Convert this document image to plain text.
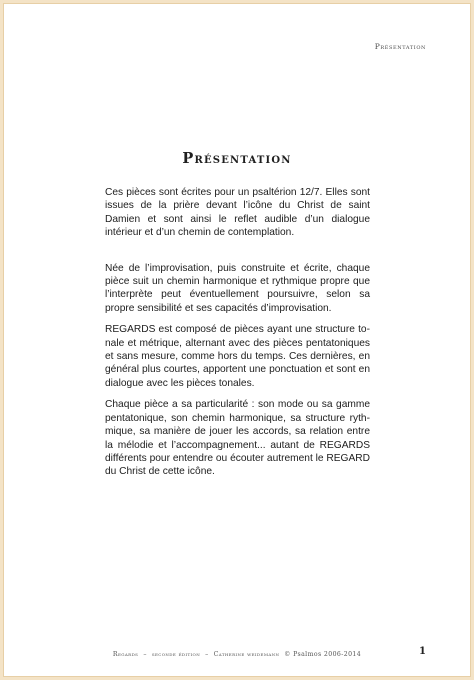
Présentation
Présentation

Ces pièces sont écrites pour un psaltérion 12/7. Elles sont issues de la prière devant l’icône du Christ de saint Damien et sont ainsi le reflet audible d’un dialogue intérieur et d’un chemin de contemplation.

Née de l’improvisation, puis construite et écrite, chaque pièce suit un chemin harmonique et rythmique propre que l’interprète peut éventuellement poursuivre, selon sa propre sensibilité et ses capacités d’improvisation.

REGARDS est composé de pièces ayant une structure tonale et métrique, alternant avec des pièces pentatoniques et sans mesure, comme hors du temps. Ces dernières, en général plus courtes, apportent une ponctuation et sont en dialogue avec les pièces tonales.

Chaque pièce a sa particularité : son mode ou sa gamme pentatonique, son chemin harmonique, sa structure rythmique, sa manière de jouer les accords, sa relation entre la mélodie et l’accompagnement... autant de REGARDS différents pour entendre ou écouter autrement le REGARD du Christ de cette icône.

Regards – seconde édition – Catherine weidemann © Psalmos 2006-2014	1
